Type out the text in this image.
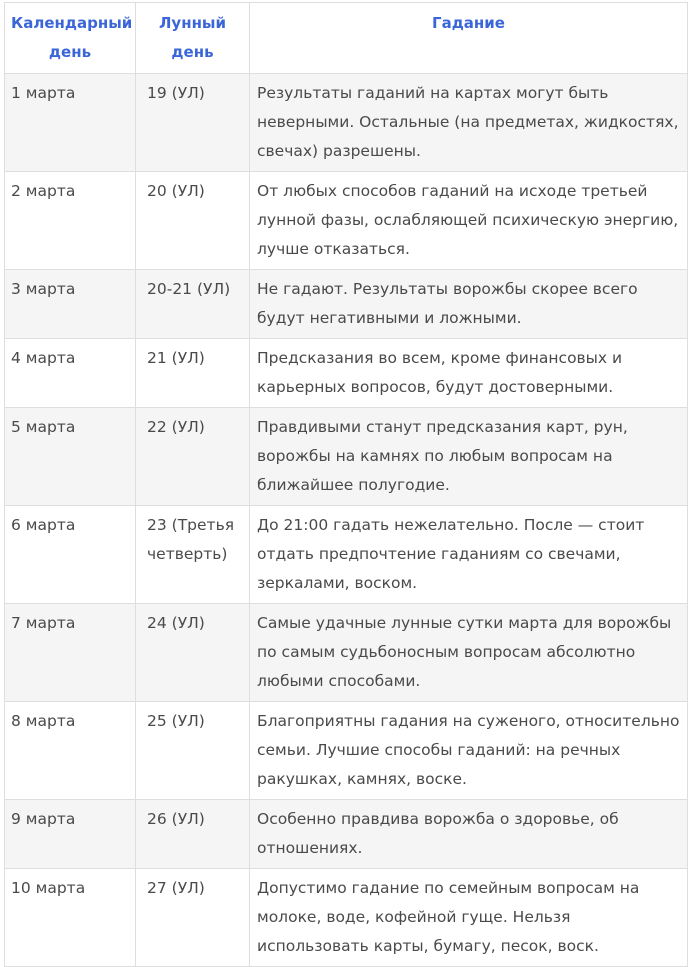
Календарный день	Лунный день	Гадание
1 марта	19 (УЛ)	Результаты гаданий на картах могут быть неверными. Остальные (на предметах, жидкостях, свечах) разрешены.
2 марта	20 (УЛ)	От любых способов гаданий на исходе третьей лунной фазы, ослабляющей психическую энергию, лучше отказаться.
3 марта	20-21 (УЛ)	Не гадают. Результаты ворожбы скорее всего будут негативными и ложными.
4 марта	21 (УЛ)	Предсказания во всем, кроме финансовых и карьерных вопросов, будут достоверными.
5 марта	22 (УЛ)	Правдивыми станут предсказания карт, рун, ворожбы на камнях по любым вопросам на ближайшее полугодие.
6 марта	23 (Третья четверть)	До 21:00 гадать нежелательно. После — стоит отдать предпочтение гаданиям со свечами, зеркалами, воском.
7 марта	24 (УЛ)	Самые удачные лунные сутки марта для ворожбы по самым судьбоносным вопросам абсолютно любыми способами.
8 марта	25 (УЛ)	Благоприятны гадания на суженого, относительно семьи. Лучшие способы гаданий: на речных ракушках, камнях, воске.
9 марта	26 (УЛ)	Особенно правдива ворожба о здоровье, об отношениях.
10 марта	27 (УЛ)	Допустимо гадание по семейным вопросам на молоке, воде, кофейной гуще. Нельзя использовать карты, бумагу, песок, воск.
